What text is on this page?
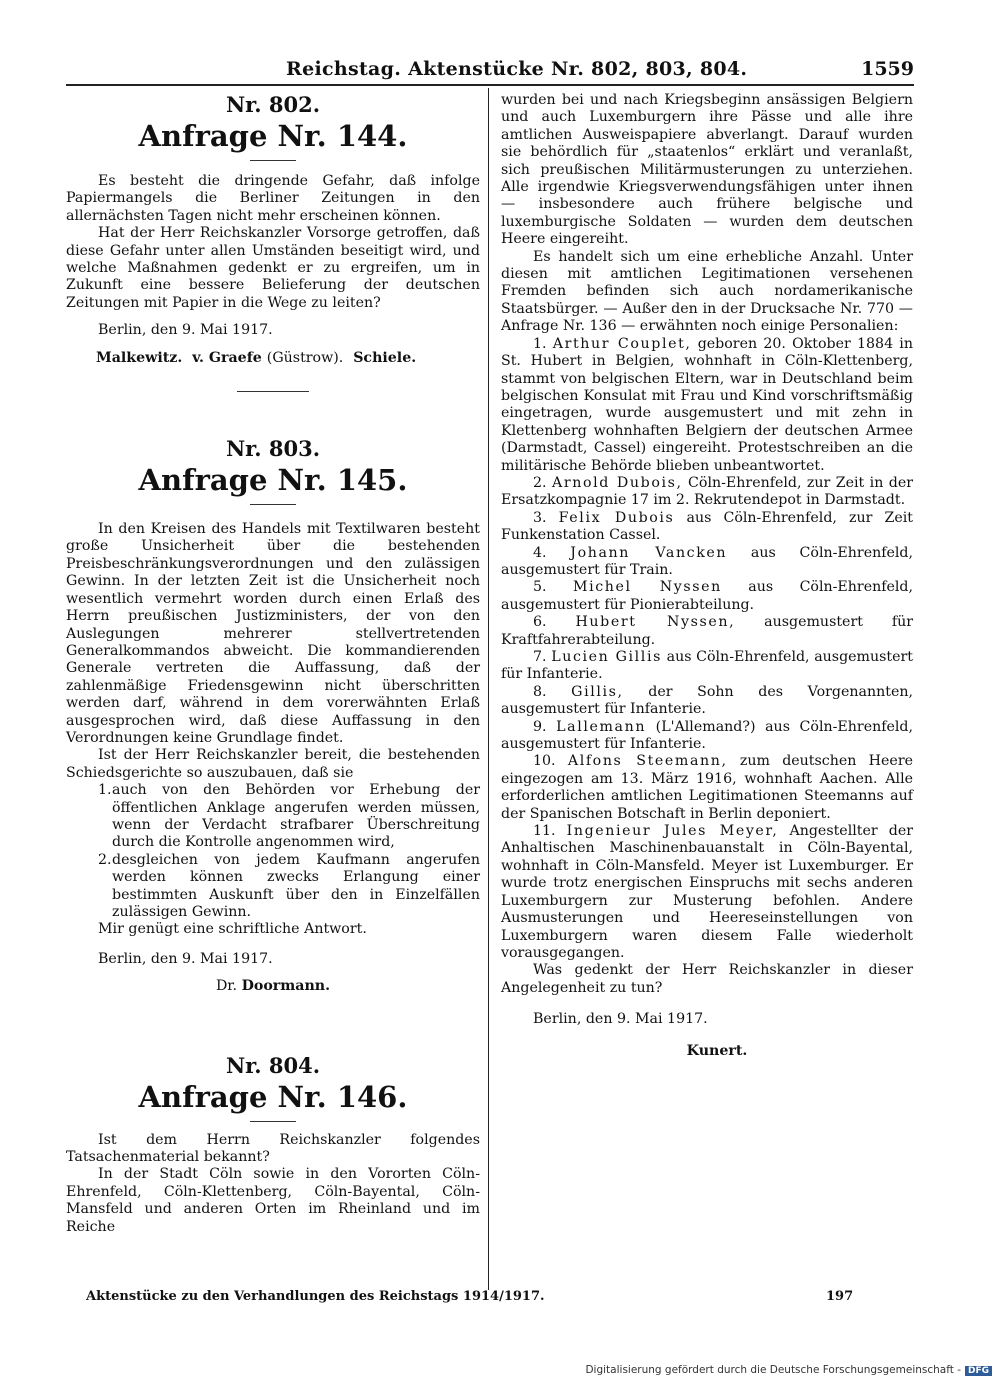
Reichstag. Aktenstücke Nr. 802, 803, 804.	1559
Nr. 802.
Anfrage Nr. 144.

Es besteht die dringende Gefahr, daß infolge Papiermangels die Berliner Zeitungen in den allernächsten Tagen nicht mehr erscheinen können.

Hat der Herr Reichskanzler Vorsorge getroffen, daß diese Gefahr unter allen Umständen beseitigt wird, und welche Maßnahmen gedenkt er zu ergreifen, um in Zukunft eine bessere Belieferung der deutschen Zeitungen mit Papier in die Wege zu leiten?

Berlin, den 9. Mai 1917.

Malkewitz. v. Graefe (Güstrow). Schiele.

Nr. 803.
Anfrage Nr. 145.

In den Kreisen des Handels mit Textilwaren besteht große Unsicherheit über die bestehenden Preisbeschränkungsverordnungen und den zulässigen Gewinn. In der letzten Zeit ist die Unsicherheit noch wesentlich vermehrt worden durch einen Erlaß des Herrn preußischen Justizministers, der von den Auslegungen mehrerer stellvertretenden Generalkommandos abweicht. Die kommandierenden Generale vertreten die Auffassung, daß der zahlenmäßige Friedensgewinn nicht überschritten werden darf, während in dem vorerwähnten Erlaß ausgesprochen wird, daß diese Auffassung in den Verordnungen keine Grundlage findet.

Ist der Herr Reichskanzler bereit, die bestehenden Schiedsgerichte so auszubauen, daß sie

1. auch von den Behörden vor Erhebung der öffentlichen Anklage angerufen werden müssen, wenn der Verdacht strafbarer Überschreitung durch die Kontrolle angenommen wird,
2. desgleichen von jedem Kaufmann angerufen werden können zwecks Erlangung einer bestimmten Auskunft über den in Einzelfällen zulässigen Gewinn.

Mir genügt eine schriftliche Antwort.

Berlin, den 9. Mai 1917.

Dr. Doormann.

Nr. 804.
Anfrage Nr. 146.

Ist dem Herrn Reichskanzler folgendes Tatsachenmaterial bekannt?

In der Stadt Cöln sowie in den Vororten Cöln-Ehrenfeld, Cöln-Klettenberg, Cöln-Bayental, Cöln-Mansfeld und anderen Orten im Rheinland und im Reiche

wurden bei und nach Kriegsbeginn ansässigen Belgiern und auch Luxemburgern ihre Pässe und alle ihre amtlichen Ausweispapiere abverlangt. Darauf wurden sie behördlich für „staatenlos“ erklärt und veranlaßt, sich preußischen Militärmusterungen zu unterziehen. Alle irgendwie Kriegsverwendungsfähigen unter ihnen — insbesondere auch frühere belgische und luxemburgische Soldaten — wurden dem deutschen Heere eingereiht.

Es handelt sich um eine erhebliche Anzahl. Unter diesen mit amtlichen Legitimationen versehenen Fremden befinden sich auch nordamerikanische Staatsbürger. — Außer den in der Drucksache Nr. 770 — Anfrage Nr. 136 — erwähnten noch einige Personalien:

1. Arthur Couplet, geboren 20. Oktober 1884 in St. Hubert in Belgien, wohnhaft in Cöln-Klettenberg, stammt von belgischen Eltern, war in Deutschland beim belgischen Konsulat mit Frau und Kind vorschriftsmäßig eingetragen, wurde ausgemustert und mit zehn in Klettenberg wohnhaften Belgiern der deutschen Armee (Darmstadt, Cassel) eingereiht. Protestschreiben an die militärische Behörde blieben unbeantwortet.

2. Arnold Dubois, Cöln-Ehrenfeld, zur Zeit in der Ersatzkompagnie 17 im 2. Rekrutendepot in Darmstadt.

3. Felix Dubois aus Cöln-Ehrenfeld, zur Zeit Funkenstation Cassel.

4. Johann Vancken aus Cöln-Ehrenfeld, ausgemustert für Train.

5. Michel Nyssen aus Cöln-Ehrenfeld, ausgemustert für Pionierabteilung.

6. Hubert Nyssen, ausgemustert für Kraftfahrerabteilung.

7. Lucien Gillis aus Cöln-Ehrenfeld, ausgemustert für Infanterie.

8. Gillis, der Sohn des Vorgenannten, ausgemustert für Infanterie.

9. Lallemann (L'Allemand?) aus Cöln-Ehrenfeld, ausgemustert für Infanterie.

10. Alfons Steemann, zum deutschen Heere eingezogen am 13. März 1916, wohnhaft Aachen. Alle erforderlichen amtlichen Legitimationen Steemanns auf der Spanischen Botschaft in Berlin deponiert.

11. Ingenieur Jules Meyer, Angestellter der Anhaltischen Maschinenbauanstalt in Cöln-Bayental, wohnhaft in Cöln-Mansfeld. Meyer ist Luxemburger. Er wurde trotz energischen Einspruchs mit sechs anderen Luxemburgern zur Musterung befohlen. Andere Ausmusterungen und Heereseinstellungen von Luxemburgern waren diesem Falle wiederholt vorausgegangen.

Was gedenkt der Herr Reichskanzler in dieser Angelegenheit zu tun?

Berlin, den 9. Mai 1917.

Kunert.

Aktenstücke zu den Verhandlungen des Reichstags 1914/1917.	197
Digitalisierung gefördert durch die Deutsche Forschungsgemeinschaft - DFG
